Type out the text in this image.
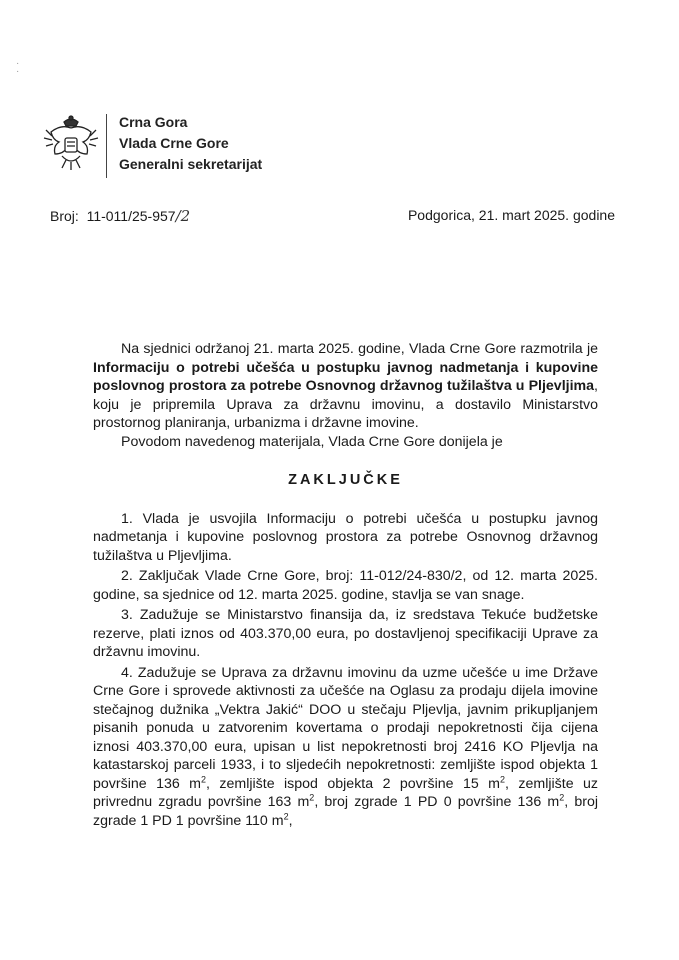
·
·
Crna Gora
Vlada Crne Gore
Generalni sekretarijat
Broj: 11-011/25-957/2	Podgorica, 21. mart 2025. godine

Na sjednici održanoj 21. marta 2025. godine, Vlada Crne Gore razmotrila je Informaciju o potrebi učešća u postupku javnog nadmetanja i kupovine poslovnog prostora za potrebe Osnovnog državnog tužilaštva u Pljevljima, koju je pripremila Uprava za državnu imovinu, a dostavilo Ministarstvo prostornog planiranja, urbanizma i državne imovine.

Povodom navedenog materijala, Vlada Crne Gore donijela je

ZAKLJUČKE

1. Vlada je usvojila Informaciju o potrebi učešća u postupku javnog nadmetanja i kupovine poslovnog prostora za potrebe Osnovnog državnog tužilaštva u Pljevljima.

2. Zaključak Vlade Crne Gore, broj: 11-012/24-830/2, od 12. marta 2025. godine, sa sjednice od 12. marta 2025. godine, stavlja se van snage.

3. Zadužuje se Ministarstvo finansija da, iz sredstava Tekuće budžetske rezerve, plati iznos od 403.370,00 eura, po dostavljenoj specifikaciji Uprave za državnu imovinu.

4. Zadužuje se Uprava za državnu imovinu da uzme učešće u ime Države Crne Gore i sprovede aktivnosti za učešće na Oglasu za prodaju dijela imovine stečajnog dužnika „Vektra Jakić“ DOO u stečaju Pljevlja, javnim prikupljanjem pisanih ponuda u zatvorenim kovertama o prodaji nepokretnosti čija cijena iznosi 403.370,00 eura, upisan u list nepokretnosti broj 2416 KO Pljevlja na katastarskoj parceli 1933, i to sljedećih nepokretnosti: zemljište ispod objekta 1 površine 136 $m^2$, zemljište ispod objekta 2 površine 15 $m^2$, zemljište uz privrednu zgradu površine 163 $m^2$, broj zgrade 1 PD 0 površine 136 $m^2$, broj zgrade 1 PD 1 površine 110 $m^2$,
